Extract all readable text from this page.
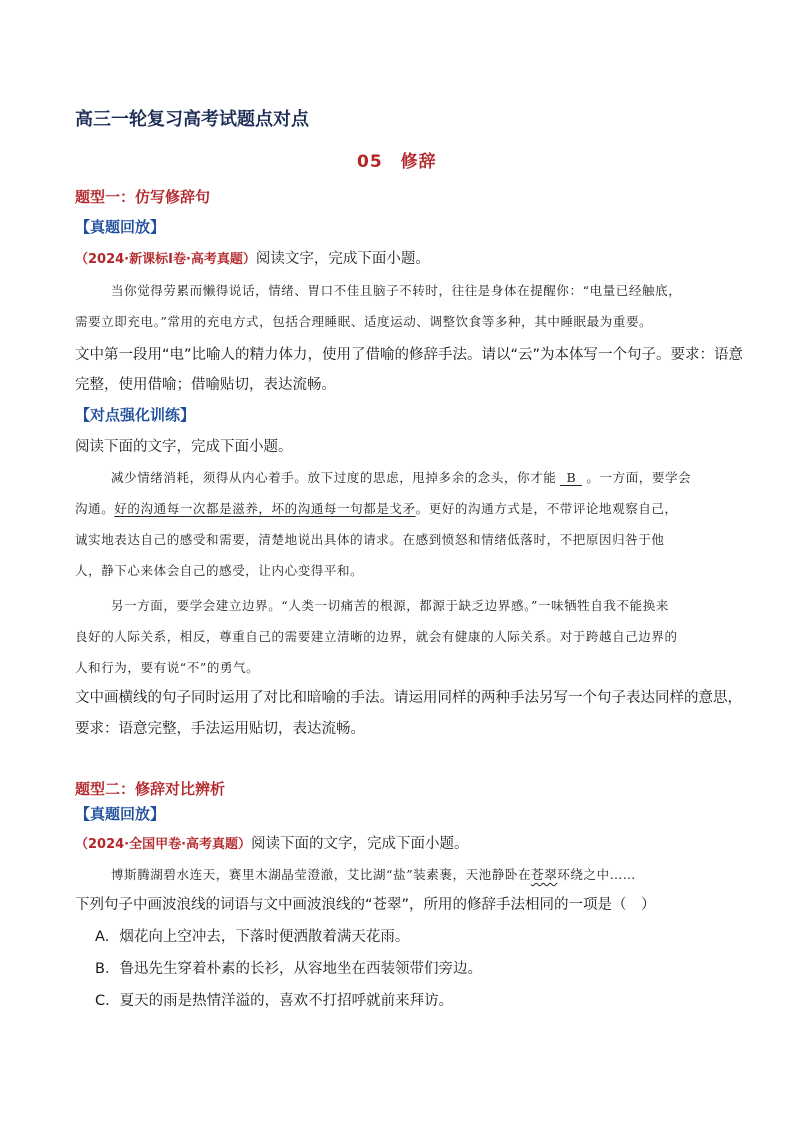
高三一轮复习高考试题点对点
05 修辞
题型一：仿写修辞句
【真题回放】
（2024·新课标Ⅰ卷·高考真题）阅读文字，完成下面小题。
当你觉得劳累而懒得说话，情绪、胃口不佳且脑子不转时，往往是身体在提醒你：“电量已经触底，
需要立即充电。”常用的充电方式，包括合理睡眠、适度运动、调整饮食等多种，其中睡眠最为重要。
文中第一段用“电”比喻人的精力体力，使用了借喻的修辞手法。请以“云”为本体写一个句子。要求：语意
完整，使用借喻；借喻贴切，表达流畅。
【对点强化训练】
阅读下面的文字，完成下面小题。
减少情绪消耗，须得从内心着手。放下过度的思虑，甩掉多余的念头，你才能 B 。一方面，要学会
沟通。好的沟通每一次都是滋养，坏的沟通每一句都是戈矛。更好的沟通方式是，不带评论地观察自己，
诚实地表达自己的感受和需要，清楚地说出具体的请求。在感到愤怒和情绪低落时，不把原因归咎于他
人，静下心来体会自己的感受，让内心变得平和。
另一方面，要学会建立边界。“人类一切痛苦的根源，都源于缺乏边界感。”一味牺牲自我不能换来
良好的人际关系，相反，尊重自己的需要建立清晰的边界，就会有健康的人际关系。对于跨越自己边界的
人和行为，要有说“不”的勇气。
文中画横线的句子同时运用了对比和暗喻的手法。请运用同样的两种手法另写一个句子表达同样的意思，
要求：语意完整，手法运用贴切，表达流畅。
题型二：修辞对比辨析
【真题回放】
（2024·全国甲卷·高考真题）阅读下面的文字，完成下面小题。
博斯腾湖碧水连天，赛里木湖晶莹澄澈，艾比湖“盐”装素裹，天池静卧在苍翠环绕之中……
下列句子中画波浪线的词语与文中画波浪线的“苍翠”，所用的修辞手法相同的一项是（　）
A．烟花向上空冲去，下落时便洒散着满天花雨。
B．鲁迅先生穿着朴素的长衫，从容地坐在西装领带们旁边。
C．夏天的雨是热情洋溢的，喜欢不打招呼就前来拜访。
